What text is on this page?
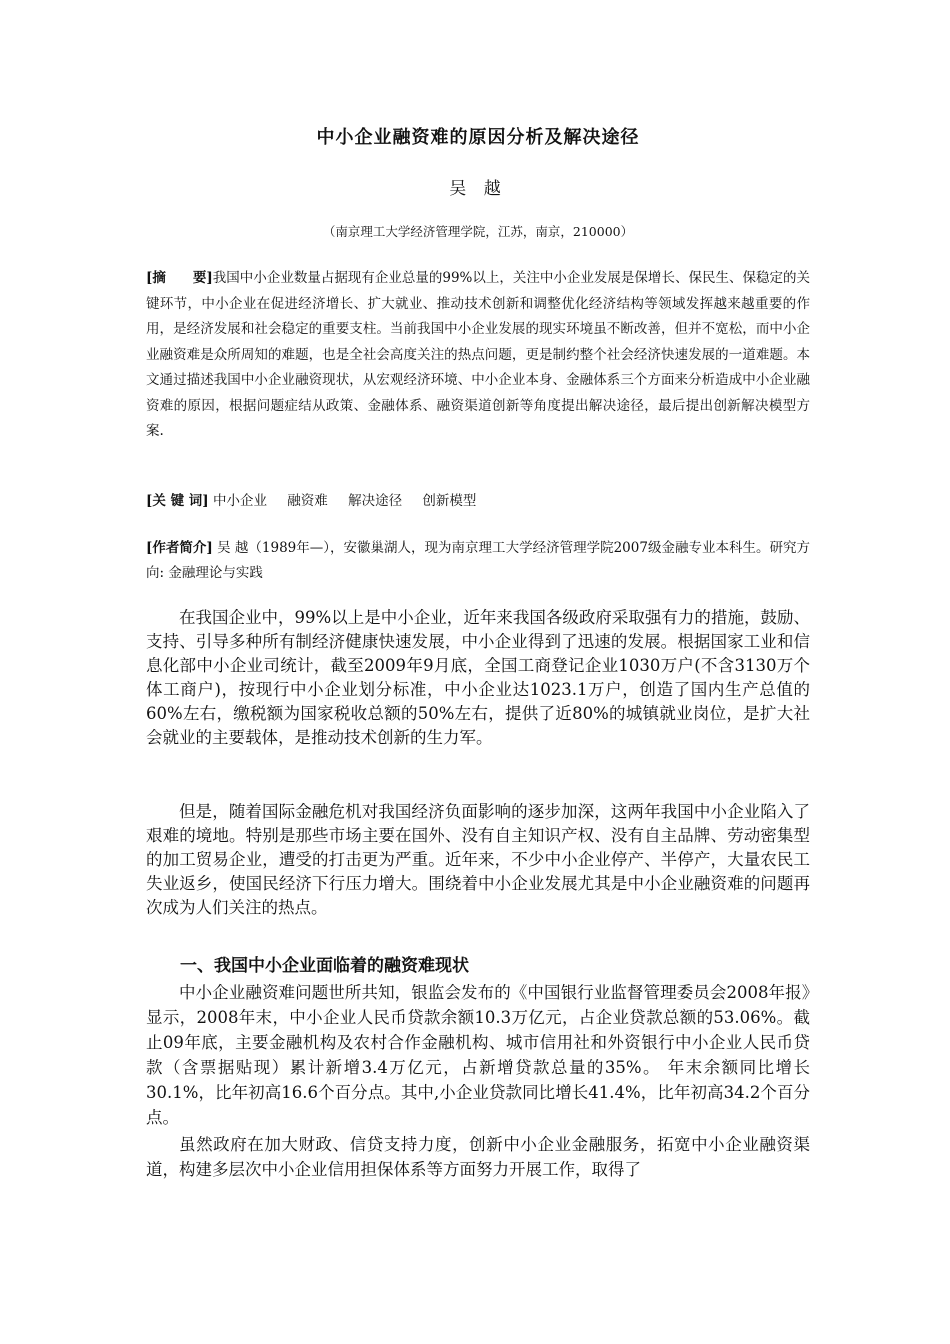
中小企业融资难的原因分析及解决途径
吴 越
（南京理工大学经济管理学院，江苏，南京，210000）
[摘　　要]我国中小企业数量占据现有企业总量的99%以上，关注中小企业发展是保增长、保民生、保稳定的关键环节，中小企业在促进经济增长、扩大就业、推动技术创新和调整优化经济结构等领域发挥越来越重要的作用，是经济发展和社会稳定的重要支柱。当前我国中小企业发展的现实环境虽不断改善，但并不宽松，而中小企业融资难是众所周知的难题，也是全社会高度关注的热点问题，更是制约整个社会经济快速发展的一道难题。本文通过描述我国中小企业融资现状，从宏观经济环境、中小企业本身、金融体系三个方面来分析造成中小企业融资难的原因，根据问题症结从政策、金融体系、融资渠道创新等角度提出解决途径，最后提出创新解决模型方案.
[关 键 词] 中小企业 融资难 解决途径 创新模型
[作者简介] 吴 越（1989年—），安徽巢湖人，现为南京理工大学经济管理学院2007级金融专业本科生。研究方向: 金融理论与实践

在我国企业中，99%以上是中小企业，近年来我国各级政府采取强有力的措施，鼓励、支持、引导多种所有制经济健康快速发展，中小企业得到了迅速的发展。根据国家工业和信息化部中小企业司统计，截至2009年9月底，全国工商登记企业1030万户(不含3130万个体工商户)，按现行中小企业划分标准，中小企业达1023.1万户，创造了国内生产总值的60%左右，缴税额为国家税收总额的50%左右，提供了近80%的城镇就业岗位，是扩大社会就业的主要载体，是推动技术创新的生力军。

但是，随着国际金融危机对我国经济负面影响的逐步加深，这两年我国中小企业陷入了艰难的境地。特别是那些市场主要在国外、没有自主知识产权、没有自主品牌、劳动密集型的加工贸易企业，遭受的打击更为严重。近年来，不少中小企业停产、半停产，大量农民工失业返乡，使国民经济下行压力增大。围绕着中小企业发展尤其是中小企业融资难的问题再次成为人们关注的热点。

一、我国中小企业面临着的融资难现状

中小企业融资难问题世所共知，银监会发布的《中国银行业监督管理委员会2008年报》显示，2008年末，中小企业人民币贷款余额10.3万亿元，占企业贷款总额的53.06%。截止09年底，主要金融机构及农村合作金融机构、城市信用社和外资银行中小企业人民币贷款（含票据贴现）累计新增3.4万亿元，占新增贷款总量的35%。 年末余额同比增长30.1%，比年初高16.6个百分点。其中,小企业贷款同比增长41.4%，比年初高34.2个百分点。

虽然政府在加大财政、信贷支持力度，创新中小企业金融服务，拓宽中小企业融资渠道，构建多层次中小企业信用担保体系等方面努力开展工作，取得了
